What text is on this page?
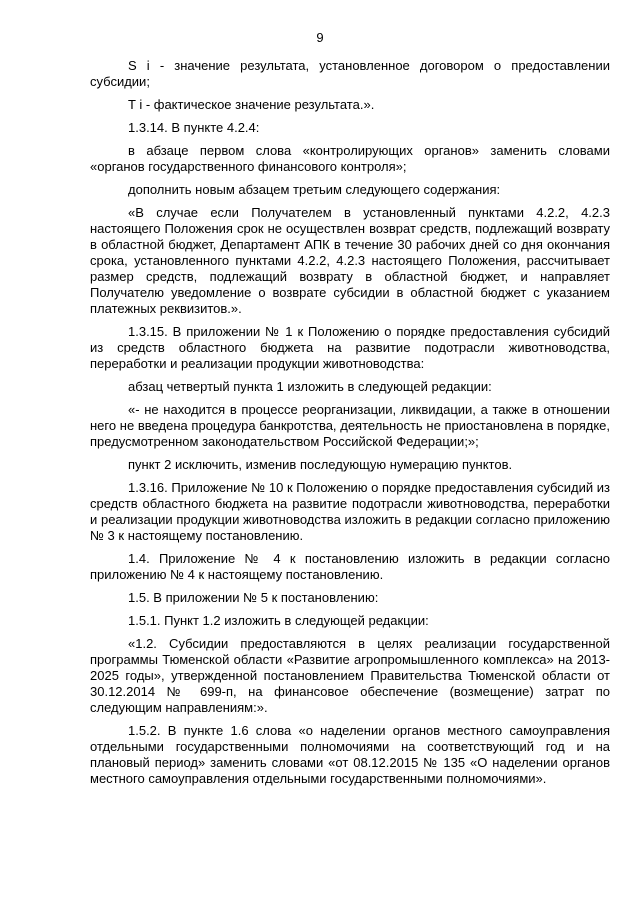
9

S i - значение результата, установленное договором о предоставлении субсидии;

T i - фактическое значение результата.».

1.3.14. В пункте 4.2.4:

в абзаце первом слова «контролирующих органов» заменить словами «органов государственного финансового контроля»;

дополнить новым абзацем третьим следующего содержания:

«В случае если Получателем в установленный пунктами 4.2.2, 4.2.3 настоящего Положения срок не осуществлен возврат средств, подлежащий возврату в областной бюджет, Департамент АПК в течение 30 рабочих дней со дня окончания срока, установленного пунктами 4.2.2, 4.2.3 настоящего Положения, рассчитывает размер средств, подлежащий возврату в областной бюджет, и направляет Получателю уведомление о возврате субсидии в областной бюджет с указанием платежных реквизитов.».

1.3.15. В приложении № 1 к Положению о порядке предоставления субсидий из средств областного бюджета на развитие подотрасли животноводства, переработки и реализации продукции животноводства:

абзац четвертый пункта 1 изложить в следующей редакции:

«- не находится в процессе реорганизации, ликвидации, а также в отношении него не введена процедура банкротства, деятельность не приостановлена в порядке, предусмотренном законодательством Российской Федерации;»;

пункт 2 исключить, изменив последующую нумерацию пунктов.

1.3.16. Приложение № 10 к Положению о порядке предоставления субсидий из средств областного бюджета на развитие подотрасли животноводства, переработки и реализации продукции животноводства изложить в редакции согласно приложению № 3 к настоящему постановлению.

1.4. Приложение № 4 к постановлению изложить в редакции согласно приложению № 4 к настоящему постановлению.

1.5. В приложении № 5 к постановлению:

1.5.1. Пункт 1.2 изложить в следующей редакции:

«1.2. Субсидии предоставляются в целях реализации государственной программы Тюменской области «Развитие агропромышленного комплекса» на 2013-2025 годы», утвержденной постановлением Правительства Тюменской области от 30.12.2014 № 699-п, на финансовое обеспечение (возмещение) затрат по следующим направлениям:».

1.5.2. В пункте 1.6 слова «о наделении органов местного самоуправления отдельными государственными полномочиями на соответствующий год и на плановый период» заменить словами «от 08.12.2015 № 135 «О наделении органов местного самоуправления отдельными государственными полномочиями».
